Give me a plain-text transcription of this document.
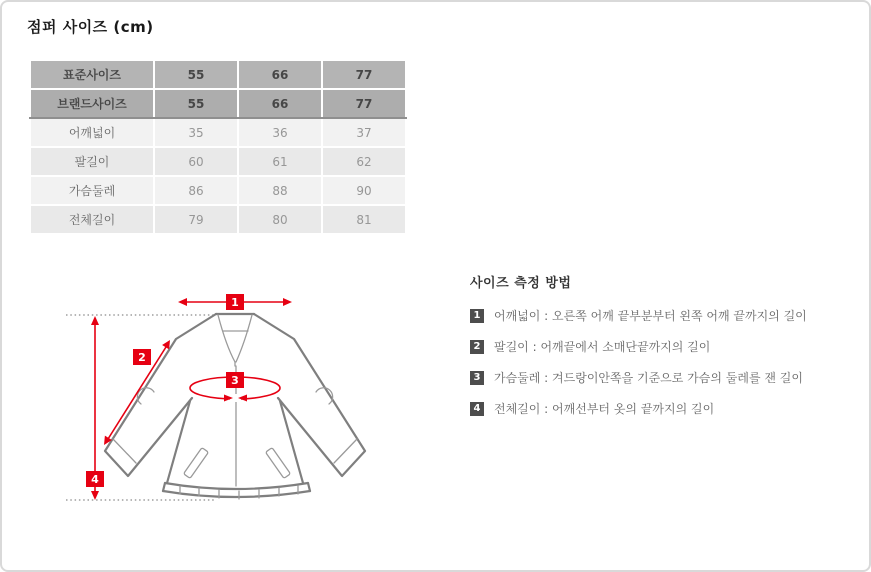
점퍼 사이즈 (cm)
표준사이즈	55	66	77
브랜드사이즈	55	66	77
어깨넓이	35	36	37
팔길이	60	61	62
가슴둘레	86	88	90
전체길이	79	80	81
1
2
3
4
사이즈 측정 방법
1 어깨넓이 : 오른쪽 어깨 끝부분부터 왼쪽 어깨 끝까지의 길이
2 팔길이 : 어깨끝에서 소매단끝까지의 길이
3 가슴둘레 : 겨드랑이안쪽을 기준으로 가슴의 둘레를 잰 길이
4 전체길이 : 어깨선부터 옷의 끝까지의 길이
